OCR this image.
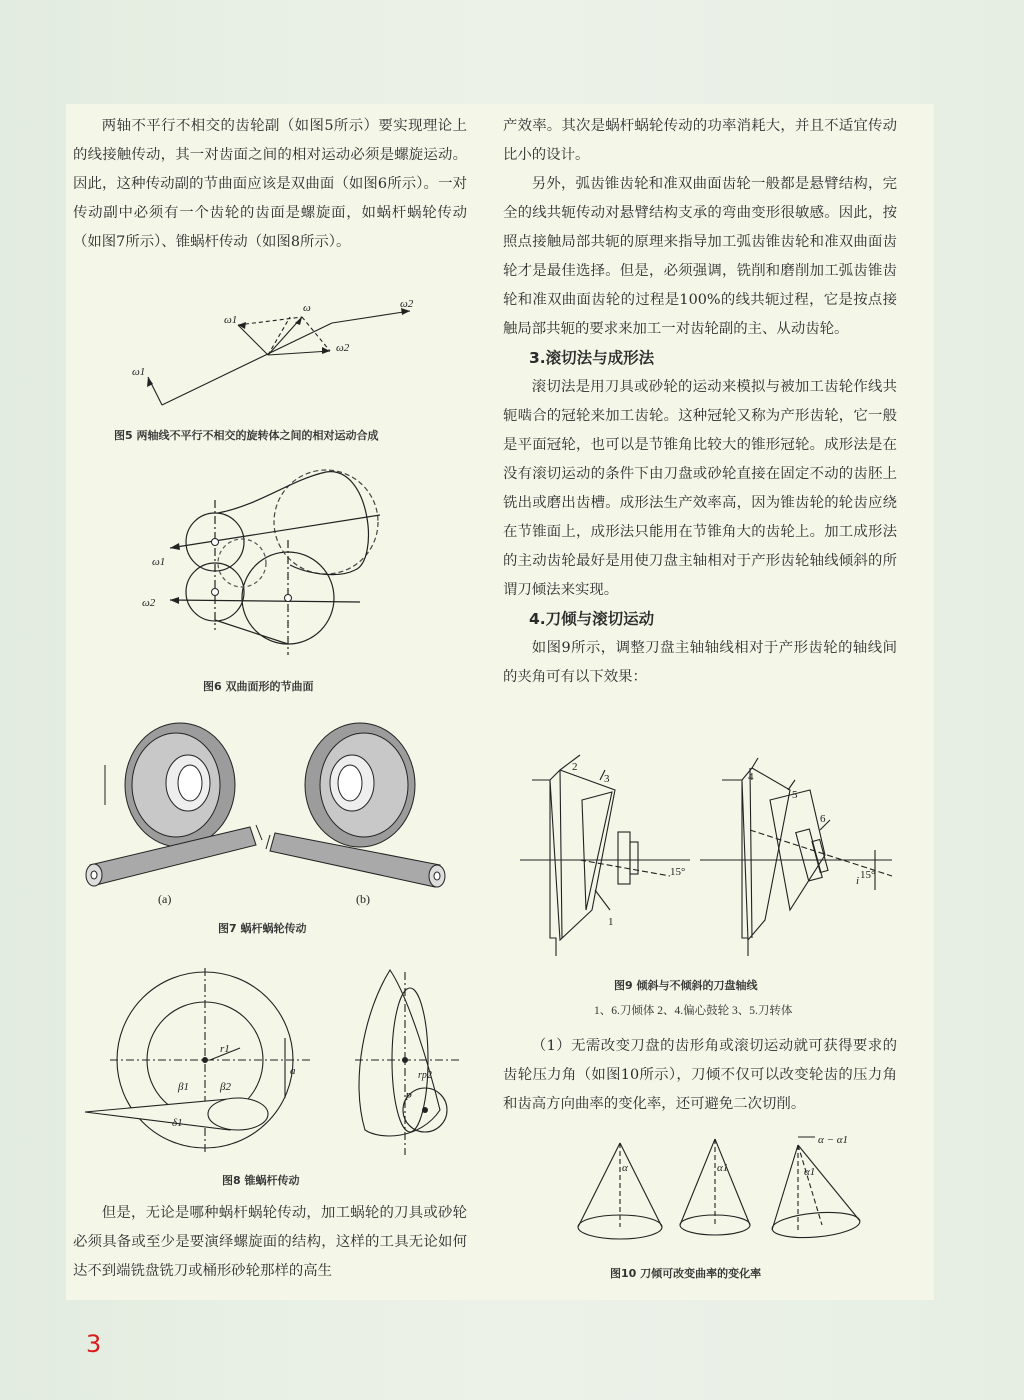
两轴不平行不相交的齿轮副（如图5所示）要实现理论上的线接触传动，其一对齿面之间的相对运动必须是螺旋运动。因此，这种传动副的节曲面应该是双曲面（如图6所示）。一对传动副中必须有一个齿轮的齿面是螺旋面，如蜗杆蜗轮传动（如图7所示）、锥蜗杆传动（如图8所示）。

ω
ω1
ω2
ω2
ω1
图5 两轴线不平行不相交的旋转体之间的相对运动合成
ω1
ω2
图6 双曲面形的节曲面
(a)	(b)
图7 蜗杆蜗轮传动
r1
β1	β2
δ1
a
P
rp2
图8 锥蜗杆传动

但是，无论是哪种蜗杆蜗轮传动，加工蜗轮的刀具或砂轮必须具备或至少是要演绎螺旋面的结构，这样的工具无论如何达不到端铣盘铣刀或桶形砂轮那样的高生

产效率。其次是蜗杆蜗轮传动的功率消耗大，并且不适宜传动比小的设计。

另外，弧齿锥齿轮和准双曲面齿轮一般都是悬臂结构，完全的线共轭传动对悬臂结构支承的弯曲变形很敏感。因此，按照点接触局部共轭的原理来指导加工弧齿锥齿轮和准双曲面齿轮才是最佳选择。但是，必须强调，铣削和磨削加工弧齿锥齿轮和准双曲面齿轮的过程是100%的线共轭过程，它是按点接触局部共轭的要求来加工一对齿轮副的主、从动齿轮。

3.滚切法与成形法

滚切法是用刀具或砂轮的运动来模拟与被加工齿轮作线共轭啮合的冠轮来加工齿轮。这种冠轮又称为产形齿轮，它一般是平面冠轮，也可以是节锥角比较大的锥形冠轮。成形法是在没有滚切运动的条件下由刀盘或砂轮直接在固定不动的齿胚上铣出或磨出齿槽。成形法生产效率高，因为锥齿轮的轮齿应绕在节锥面上，成形法只能用在节锥角大的齿轮上。加工成形法的主动齿轮最好是用使刀盘主轴相对于产形齿轮轴线倾斜的所谓刀倾法来实现。

4.刀倾与滚切运动

如图9所示，调整刀盘主轴轴线相对于产形齿轮的轴线间的夹角可有以下效果：

1
2
3	4
5
6
15°	15°
i
图9 倾斜与不倾斜的刀盘轴线
1、6.刀倾体 2、4.偏心鼓轮 3、5.刀转体

（1）无需改变刀盘的齿形角或滚切运动就可获得要求的齿轮压力角（如图10所示），刀倾不仅可以改变轮齿的压力角和齿高方向曲率的变化率，还可避免二次切削。

α	α1	α1
α − α1
图10 刀倾可改变曲率的变化率
3
